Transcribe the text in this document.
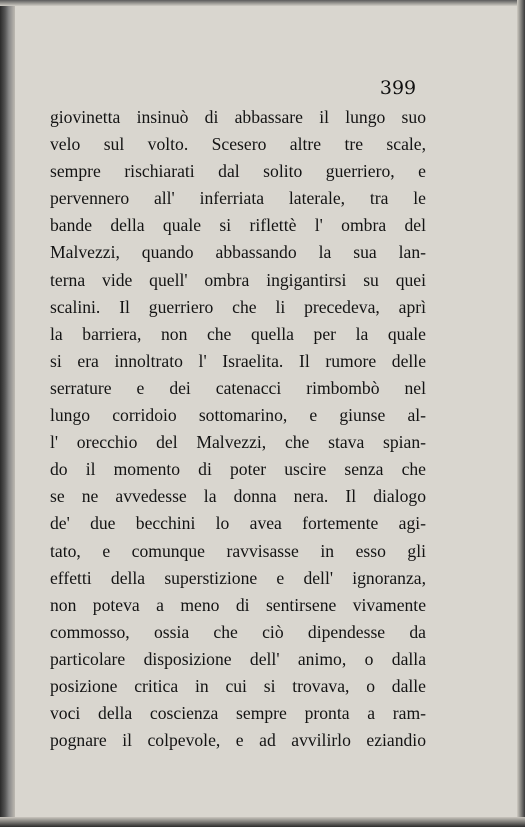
399
giovinetta insinuò di abbassare il lungo suo
velo sul volto. Scesero altre tre scale,
sempre rischiarati dal solito guerriero, e
pervennero all' inferriata laterale, tra le
bande della quale si riflettè l' ombra del
Malvezzi, quando abbassando la sua lan-
terna vide quell' ombra ingigantirsi su quei
scalini. Il guerriero che li precedeva, aprì
la barriera, non che quella per la quale
si era innoltrato l' Israelita. Il rumore delle
serrature e dei catenacci rimbombò nel
lungo corridoio sottomarino, e giunse al-
l' orecchio del Malvezzi, che stava spian-
do il momento di poter uscire senza che
se ne avvedesse la donna nera. Il dialogo
de' due becchini lo avea fortemente agi-
tato, e comunque ravvisasse in esso gli
effetti della superstizione e dell' ignoranza,
non poteva a meno di sentirsene vivamente
commosso, ossia che ciò dipendesse da
particolare disposizione dell' animo, o dalla
posizione critica in cui si trovava, o dalle
voci della coscienza sempre pronta a ram-
pognare il colpevole, e ad avvilirlo eziandio
